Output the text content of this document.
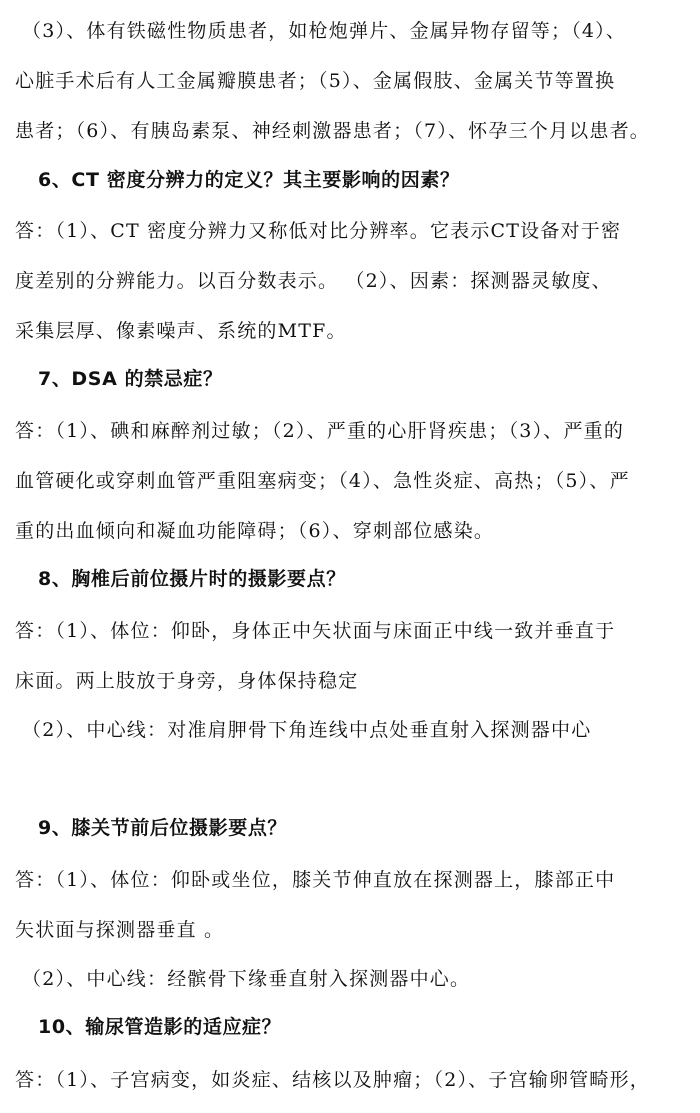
（3）、体有铁磁性物质患者，如枪炮弹片、金属异物存留等；（4）、
心脏手术后有人工金属瓣膜患者；（5）、金属假肢、金属关节等置换
患者；（6）、有胰岛素泵、神经刺激器患者；（7）、怀孕三个月以患者。
6、CT 密度分辨力的定义？其主要影响的因素？
答：（1）、CT 密度分辨力又称低对比分辨率。它表示CT设备对于密
度差别的分辨能力。以百分数表示。 （2）、因素：探测器灵敏度、
采集层厚、像素噪声、系统的MTF。
7、DSA 的禁忌症？
答：（1）、碘和麻醉剂过敏；（2）、严重的心肝肾疾患；（3）、严重的
血管硬化或穿刺血管严重阻塞病变；（4）、急性炎症、高热；（5）、严
重的出血倾向和凝血功能障碍；（6）、穿刺部位感染。
8、胸椎后前位摄片时的摄影要点？
答：（1）、体位：仰卧，身体正中矢状面与床面正中线一致并垂直于
床面。两上肢放于身旁，身体保持稳定
（2）、中心线：对准肩胛骨下角连线中点处垂直射入探测器中心
9、膝关节前后位摄影要点？
答：（1）、体位：仰卧或坐位，膝关节伸直放在探测器上，膝部正中
矢状面与探测器垂直 。
（2）、中心线：经髌骨下缘垂直射入探测器中心。
10、输尿管造影的适应症？
答：（1）、子宫病变，如炎症、结核以及肿瘤；（2）、子宫输卵管畸形，
